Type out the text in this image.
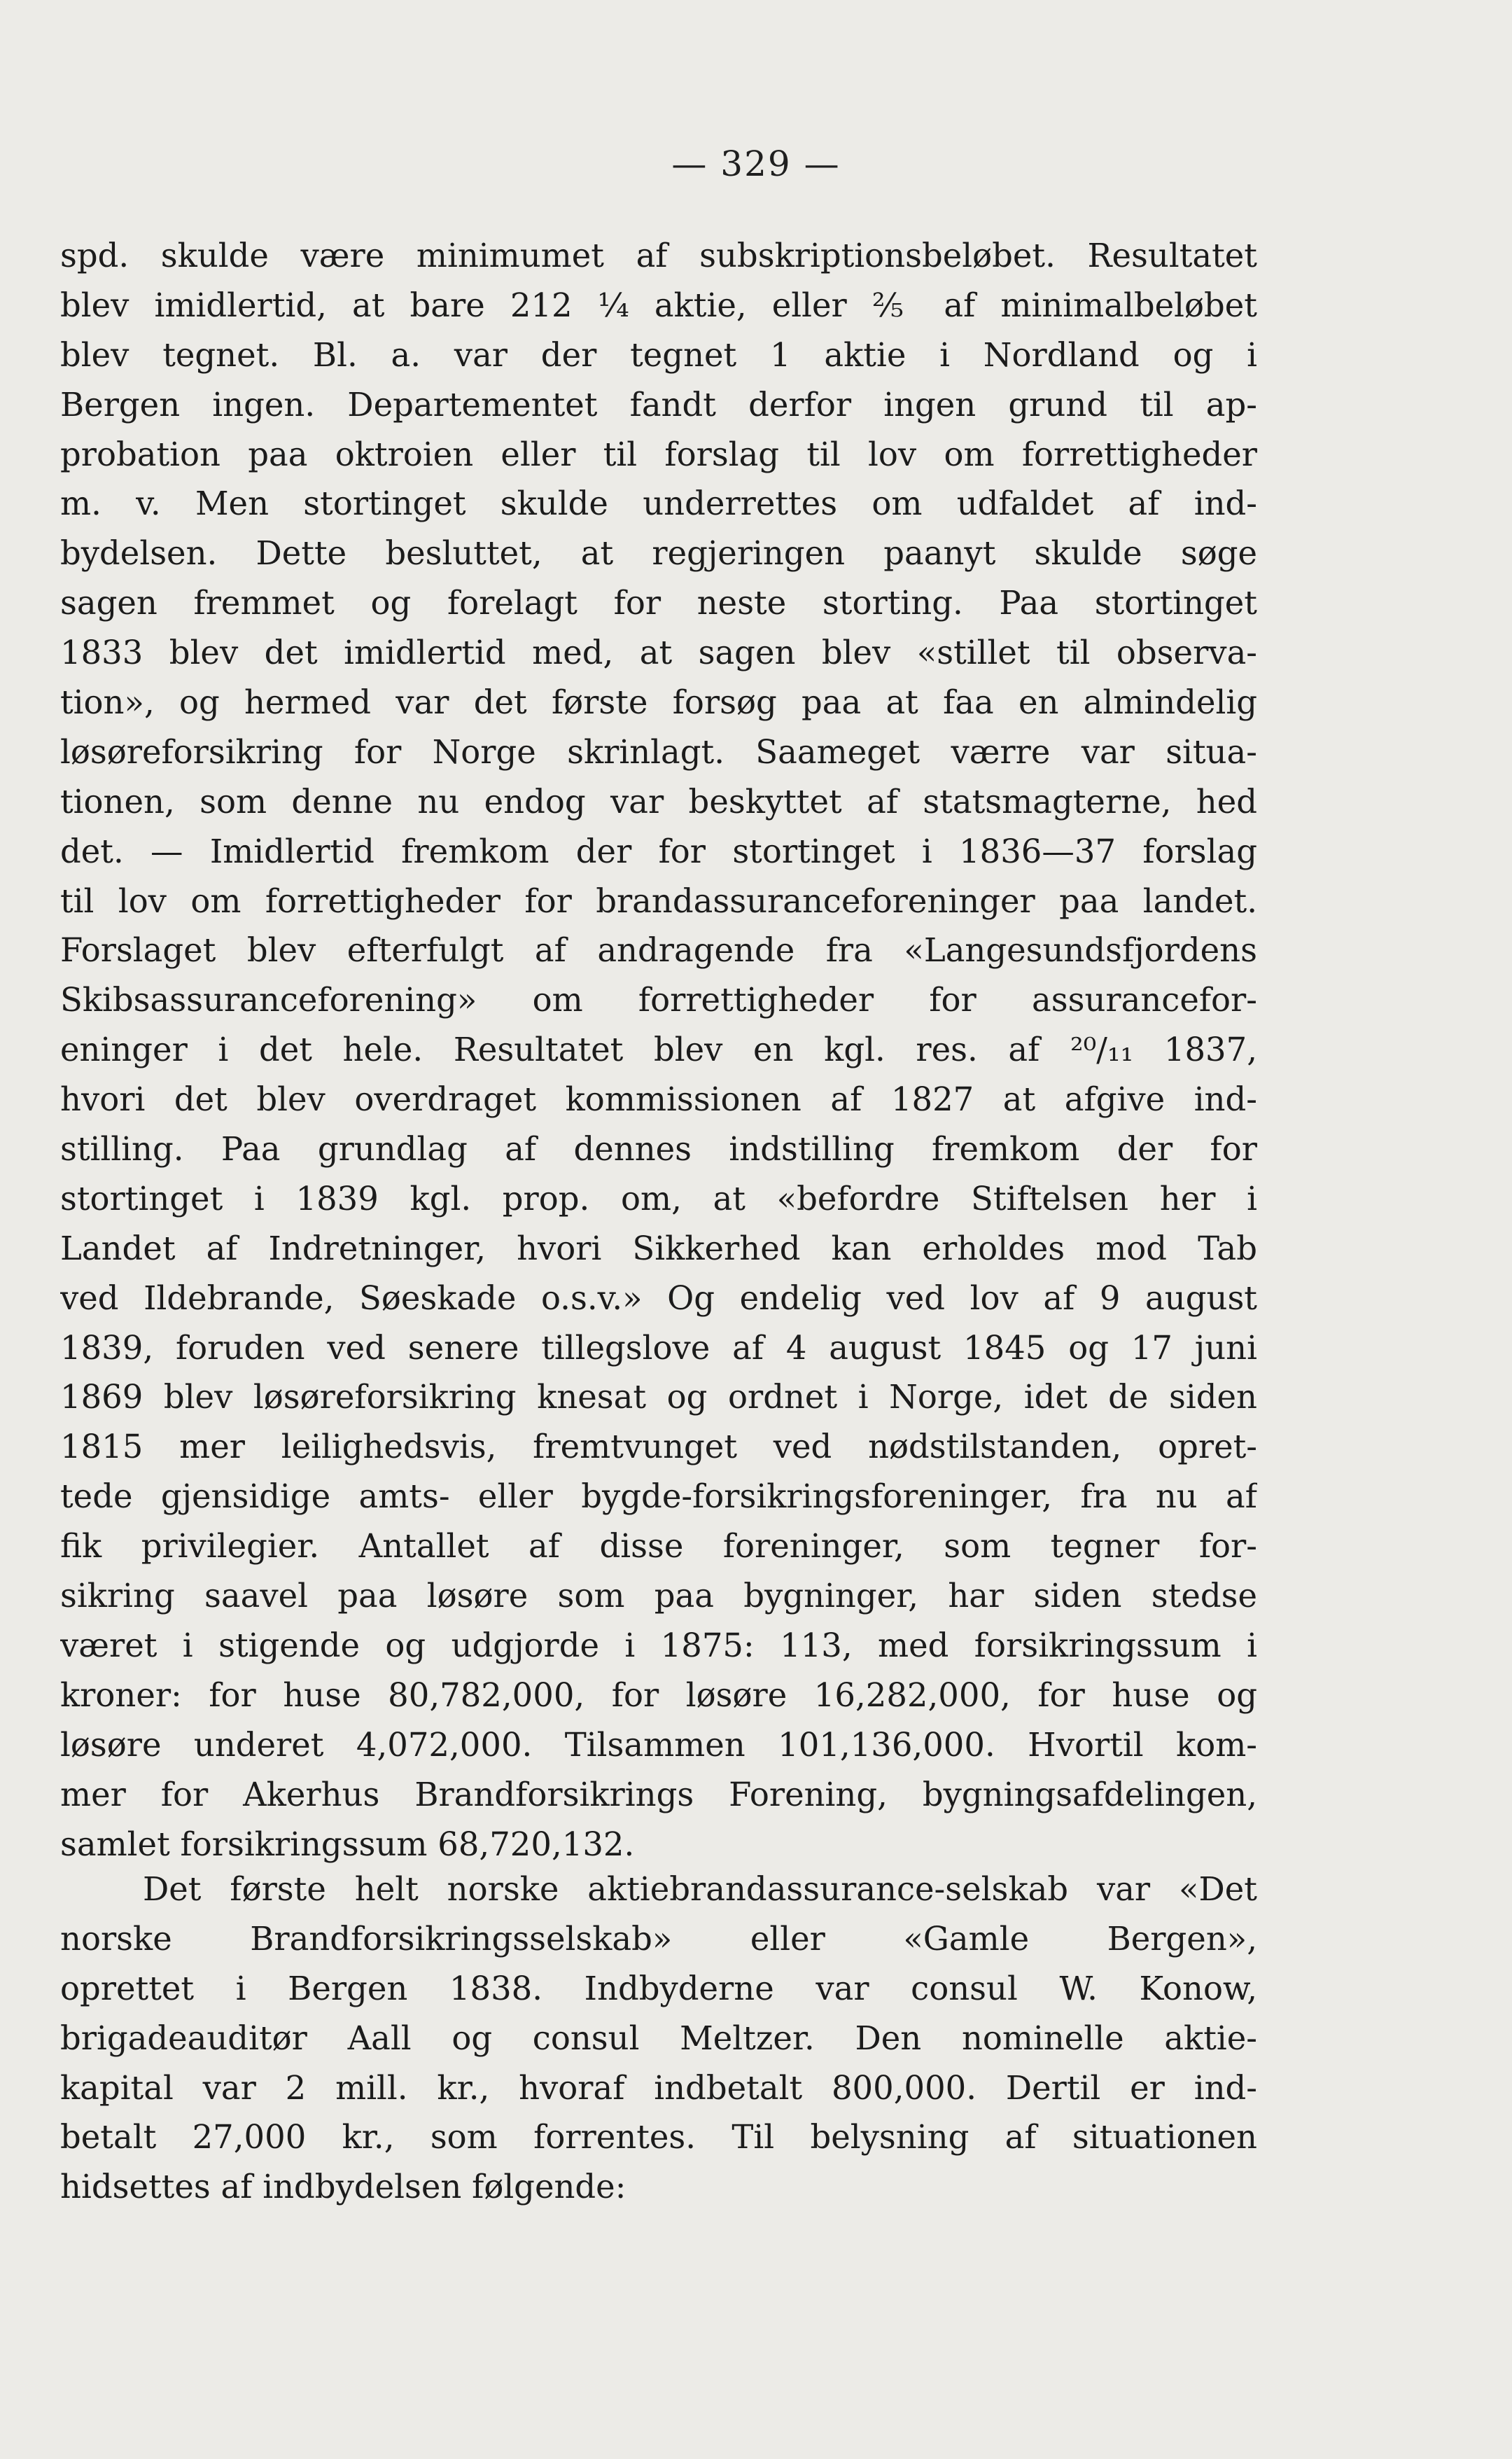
— 329 —

spd. skulde være minimumet af subskriptionsbeløbet. Resultatet
blev imidlertid, at bare 212 ¼ aktie, eller ⅖ af minimalbeløbet
blev tegnet. Bl. a. var der tegnet 1 aktie i Nordland og i
Bergen ingen. Departementet fandt derfor ingen grund til ap-
probation paa oktroien eller til forslag til lov om forrettigheder
m. v. Men stortinget skulde underrettes om udfaldet af ind-
bydelsen. Dette besluttet, at regjeringen paanyt skulde søge
sagen fremmet og forelagt for neste storting. Paa stortinget
1833 blev det imidlertid med, at sagen blev «stillet til observa-
tion», og hermed var det første forsøg paa at faa en almindelig
løsøreforsikring for Norge skrinlagt. Saameget værre var situa-
tionen, som denne nu endog var beskyttet af statsmagterne, hed
det. — Imidlertid fremkom der for stortinget i 1836—37 forslag
til lov om forrettigheder for brandassuranceforeninger paa landet.
Forslaget blev efterfulgt af andragende fra «Langesundsfjordens
Skibsassuranceforening» om forrettigheder for assurancefor-
eninger i det hele. Resultatet blev en kgl. res. af ²⁰/₁₁ 1837,
hvori det blev overdraget kommissionen af 1827 at afgive ind-
stilling. Paa grundlag af dennes indstilling fremkom der for
stortinget i 1839 kgl. prop. om, at «befordre Stiftelsen her i
Landet af Indretninger, hvori Sikkerhed kan erholdes mod Tab
ved Ildebrande, Søeskade o.s.v.» Og endelig ved lov af 9 august
1839, foruden ved senere tillegslove af 4 august 1845 og 17 juni
1869 blev løsøreforsikring knesat og ordnet i Norge, idet de siden
1815 mer leilighedsvis, fremtvunget ved nødstilstanden, opret-
tede gjensidige amts- eller bygde-forsikringsforeninger, fra nu af
fik privilegier. Antallet af disse foreninger, som tegner for-
sikring saavel paa løsøre som paa bygninger, har siden stedse
været i stigende og udgjorde i 1875: 113, med forsikringssum i
kroner: for huse 80,782,000, for løsøre 16,282,000, for huse og
løsøre underet 4,072,000. Tilsammen 101,136,000. Hvortil kom-
mer for Akerhus Brandforsikrings Forening, bygningsafdelingen,
samlet forsikringssum 68,720,132.

Det første helt norske aktiebrandassurance-selskab var «Det
norske Brandforsikringsselskab» eller «Gamle Bergen»,
oprettet i Bergen 1838. Indbyderne var consul W. Konow,
brigadeauditør Aall og consul Meltzer. Den nominelle aktie-
kapital var 2 mill. kr., hvoraf indbetalt 800,000. Dertil er ind-
betalt 27,000 kr., som forrentes. Til belysning af situationen
hidsettes af indbydelsen følgende:
